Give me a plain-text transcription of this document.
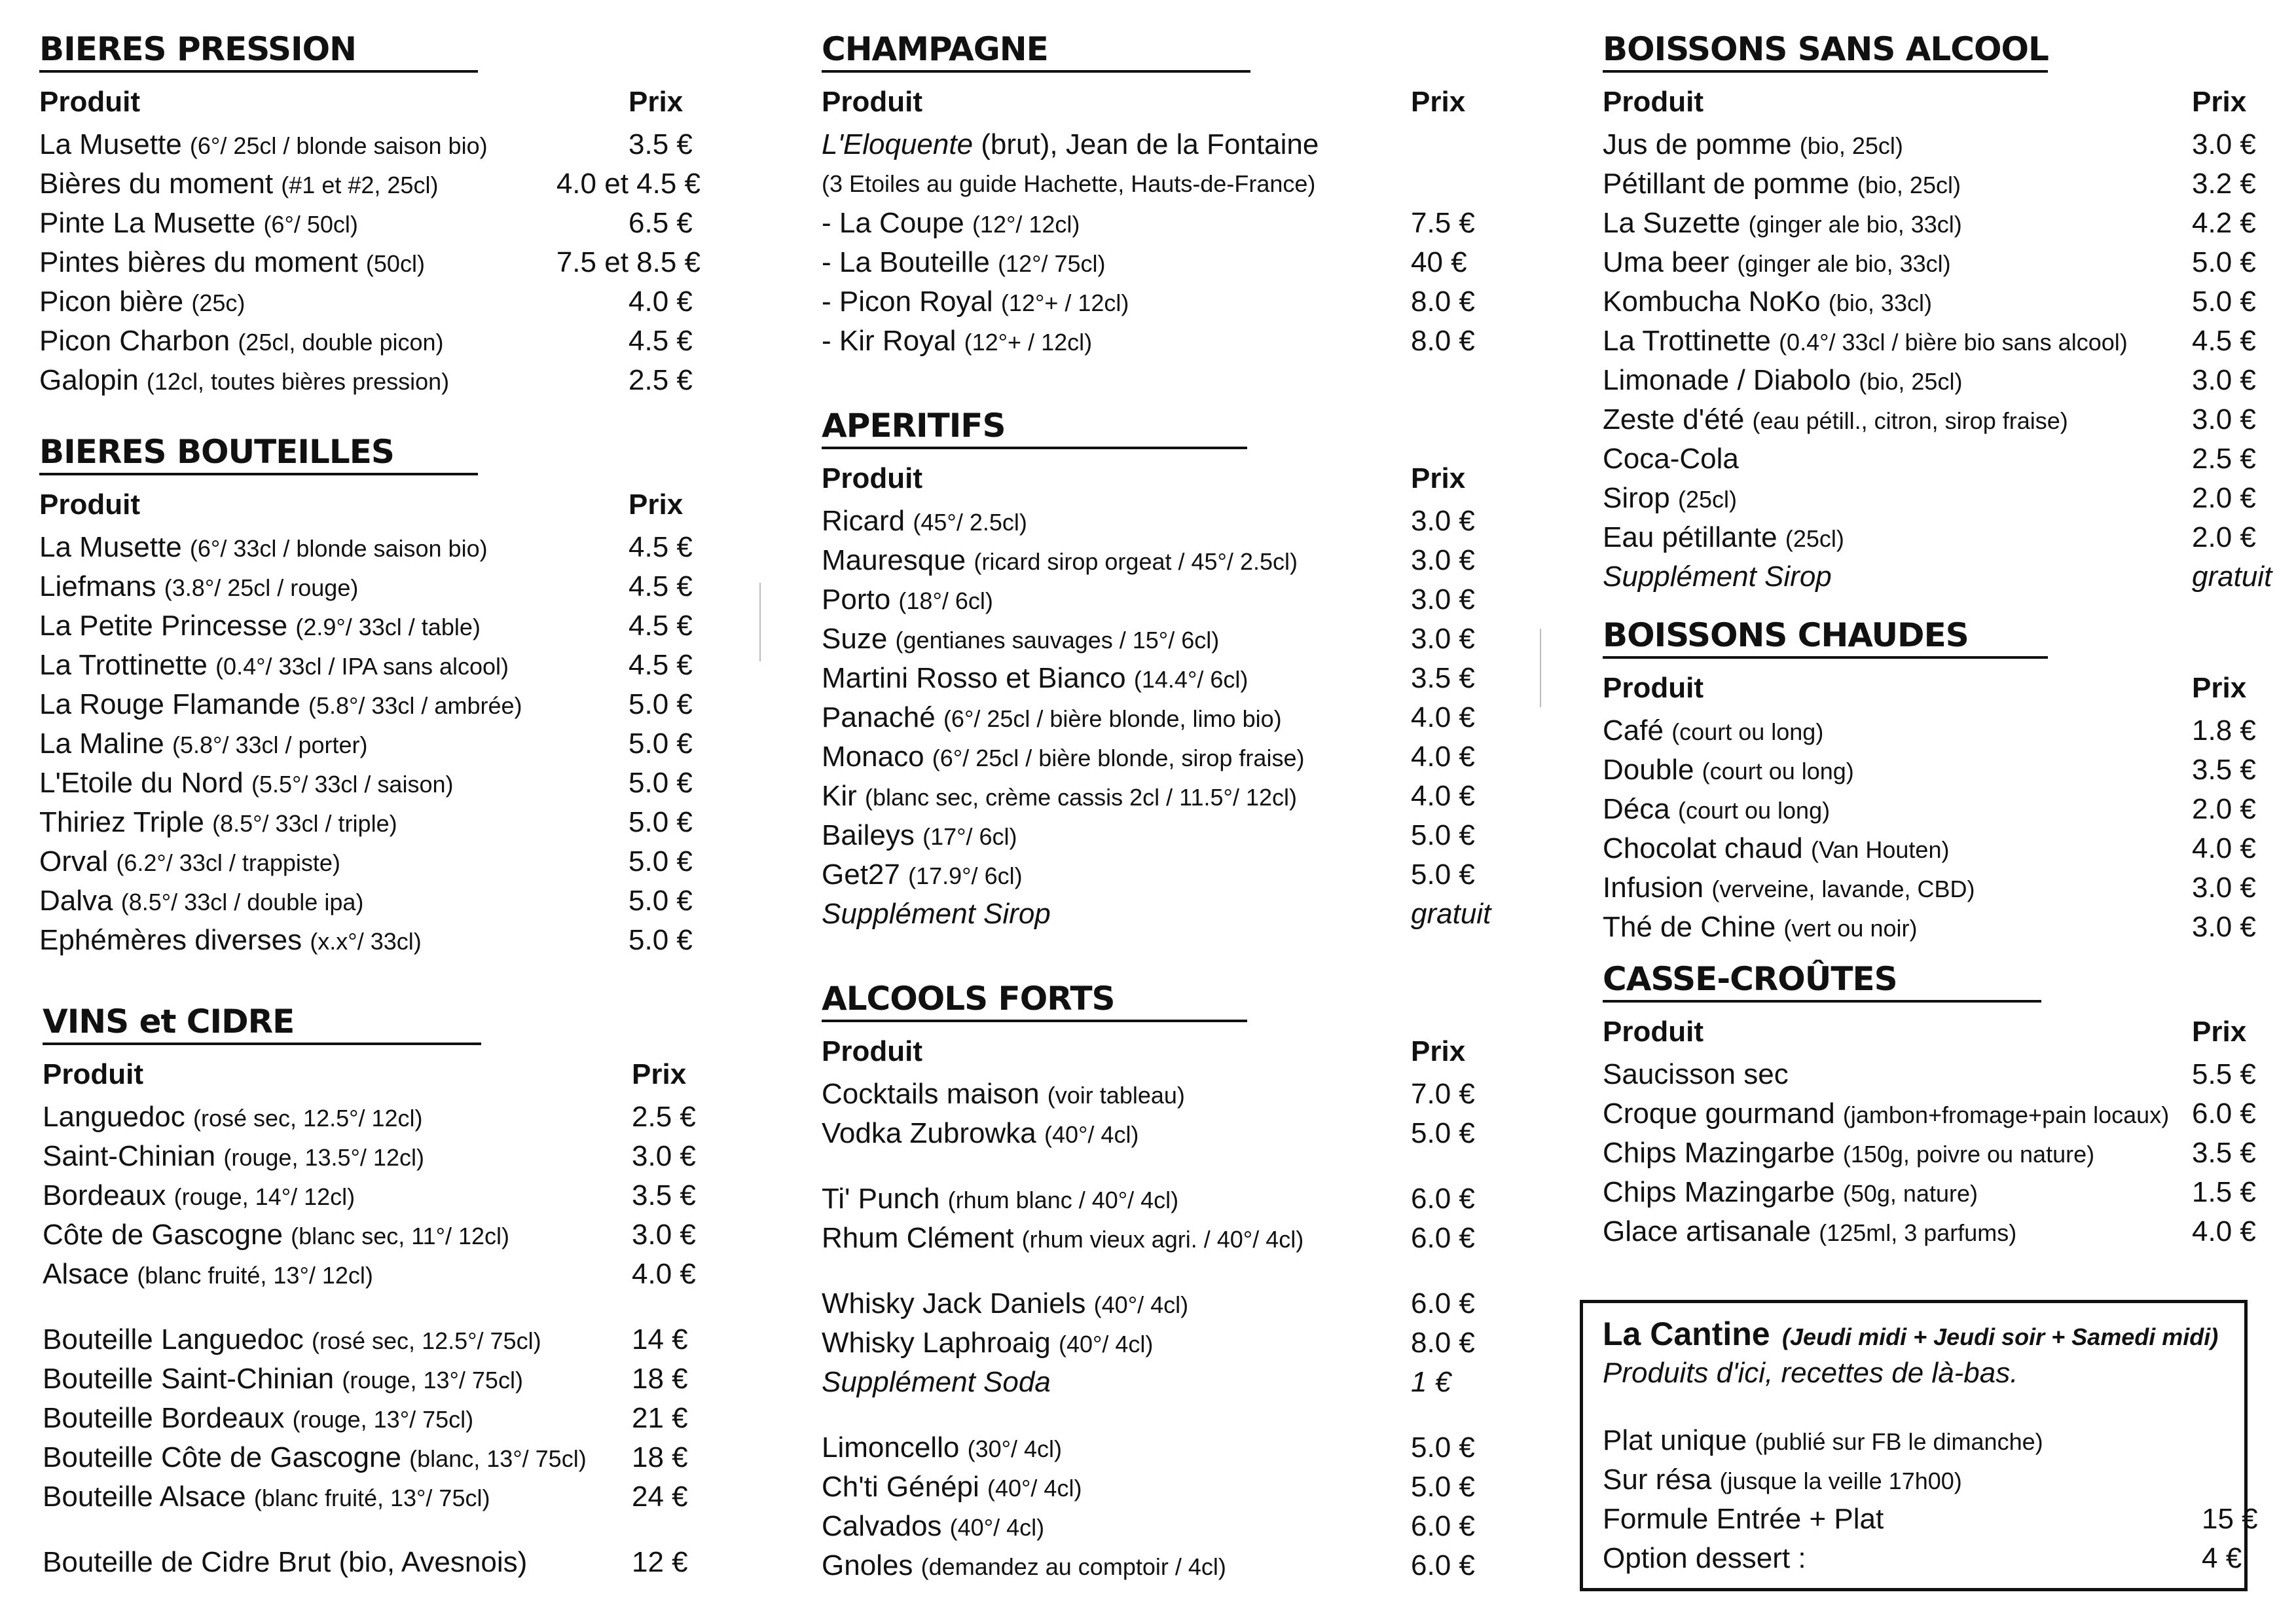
BIERES PRESSION
Produit	Prix
La Musette (6°/ 25cl / blonde saison bio)	3.5 €
Bières du moment (#1 et #2, 25cl)	4.0 et 4.5 €
Pinte La Musette (6°/ 50cl)	6.5 €
Pintes bières du moment (50cl)	7.5 et 8.5 €
Picon bière (25c)	4.0 €
Picon Charbon (25cl, double picon)	4.5 €
Galopin (12cl, toutes bières pression)	2.5 €
BIERES BOUTEILLES
Produit	Prix
La Musette (6°/ 33cl / blonde saison bio)	4.5 €
Liefmans (3.8°/ 25cl / rouge)	4.5 €
La Petite Princesse (2.9°/ 33cl / table)	4.5 €
La Trottinette (0.4°/ 33cl / IPA sans alcool)	4.5 €
La Rouge Flamande (5.8°/ 33cl / ambrée)	5.0 €
La Maline (5.8°/ 33cl / porter)	5.0 €
L'Etoile du Nord (5.5°/ 33cl / saison)	5.0 €
Thiriez Triple (8.5°/ 33cl / triple)	5.0 €
Orval (6.2°/ 33cl / trappiste)	5.0 €
Dalva (8.5°/ 33cl / double ipa)	5.0 €
Ephémères diverses (x.x°/ 33cl)	5.0 €
VINS et CIDRE
Produit	Prix
Languedoc (rosé sec, 12.5°/ 12cl)	2.5 €
Saint-Chinian (rouge, 13.5°/ 12cl)	3.0 €
Bordeaux (rouge, 14°/ 12cl)	3.5 €
Côte de Gascogne (blanc sec, 11°/ 12cl)	3.0 €
Alsace (blanc fruité, 13°/ 12cl)	4.0 €
Bouteille Languedoc (rosé sec, 12.5°/ 75cl)	14 €
Bouteille Saint-Chinian (rouge, 13°/ 75cl)	18 €
Bouteille Bordeaux (rouge, 13°/ 75cl)	21 €
Bouteille Côte de Gascogne (blanc, 13°/ 75cl) 18 €
Bouteille Alsace (blanc fruité, 13°/ 75cl)	24 €
Bouteille de Cidre Brut (bio, Avesnois)	12 €
CHAMPAGNE
Produit	Prix
L'Eloquente (brut), Jean de la Fontaine
(3 Etoiles au guide Hachette, Hauts-de-France)
- La Coupe (12°/ 12cl)	7.5 €
- La Bouteille (12°/ 75cl)	40 €
- Picon Royal (12°+ / 12cl)	8.0 €
- Kir Royal (12°+ / 12cl)	8.0 €
APERITIFS
Produit	Prix
Ricard (45°/ 2.5cl)	3.0 €
Mauresque (ricard sirop orgeat / 45°/ 2.5cl)	3.0 €
Porto (18°/ 6cl)	3.0 €
Suze (gentianes sauvages / 15°/ 6cl)	3.0 €
Martini Rosso et Bianco (14.4°/ 6cl)	3.5 €
Panaché (6°/ 25cl / bière blonde, limo bio)	4.0 €
Monaco (6°/ 25cl / bière blonde, sirop fraise)	4.0 €
Kir (blanc sec, crème cassis 2cl / 11.5°/ 12cl)	4.0 €
Baileys (17°/ 6cl)	5.0 €
Get27 (17.9°/ 6cl)	5.0 €
Supplément Sirop	gratuit
ALCOOLS FORTS
Produit	Prix
Cocktails maison (voir tableau)	7.0 €
Vodka Zubrowka (40°/ 4cl)	5.0 €
Ti' Punch (rhum blanc / 40°/ 4cl)	6.0 €
Rhum Clément (rhum vieux agri. / 40°/ 4cl)	6.0 €
Whisky Jack Daniels (40°/ 4cl)	6.0 €
Whisky Laphroaig (40°/ 4cl)	8.0 €
Supplément Soda	1 €
Limoncello (30°/ 4cl)	5.0 €
Ch'ti Génépi (40°/ 4cl)	5.0 €
Calvados (40°/ 4cl)	6.0 €
Gnoles (demandez au comptoir / 4cl)	6.0 €
BOISSONS SANS ALCOOL
Produit	Prix
Jus de pomme (bio, 25cl)	3.0 €
Pétillant de pomme (bio, 25cl)	3.2 €
La Suzette (ginger ale bio, 33cl)	4.2 €
Uma beer (ginger ale bio, 33cl)	5.0 €
Kombucha NoKo (bio, 33cl)	5.0 €
La Trottinette (0.4°/ 33cl / bière bio sans alcool) 4.5 €
Limonade / Diabolo (bio, 25cl)	3.0 €
Zeste d'été (eau pétill., citron, sirop fraise)	3.0 €
Coca-Cola	2.5 €
Sirop (25cl)	2.0 €
Eau pétillante (25cl)	2.0 €
Supplément Sirop	gratuit
BOISSONS CHAUDES
Produit	Prix
Café (court ou long)	1.8 €
Double (court ou long)	3.5 €
Déca (court ou long)	2.0 €
Chocolat chaud (Van Houten)	4.0 €
Infusion (verveine, lavande, CBD)	3.0 €
Thé de Chine (vert ou noir)	3.0 €
CASSE-CROÛTES
Produit	Prix
Saucisson sec	5.5 €
Croque gourmand (jambon+fromage+pain locaux) 6.0 €
Chips Mazingarbe (150g, poivre ou nature)	3.5 €
Chips Mazingarbe (50g, nature)	1.5 €
Glace artisanale (125ml, 3 parfums)	4.0 €
La Cantine (Jeudi midi + Jeudi soir + Samedi midi)
Produits d'ici, recettes de là-bas.
Plat unique (publié sur FB le dimanche)
Sur résa (jusque la veille 17h00)
Formule Entrée + Plat	15 €
Option dessert :	4 €
